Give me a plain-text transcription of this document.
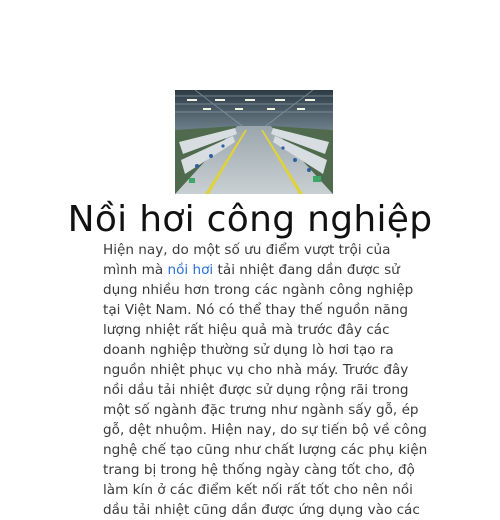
Nồi hơi công nghiệp
Hiện nay, do một số ưu điểm vượt trội của
mình mà nồi hơi tải nhiệt đang dần được sử
dụng nhiều hơn trong các ngành công nghiệp
tại Việt Nam. Nó có thể thay thế nguồn năng
lượng nhiệt rất hiệu quả mà trước đây các
doanh nghiệp thường sử dụng lò hơi tạo ra
nguồn nhiệt phục vụ cho nhà máy. Trước đây
nồi dầu tải nhiệt được sử dụng rộng rãi trong
một số ngành đặc trưng như ngành sấy gỗ, ép
gỗ, dệt nhuộm. Hiện nay, do sự tiến bộ về công
nghệ chế tạo cũng như chất lượng các phụ kiện
trang bị trong hệ thống ngày càng tốt cho, độ
làm kín ở các điểm kết nối rất tốt cho nên nồi
dầu tải nhiệt cũng dần được ứng dụng vào các
